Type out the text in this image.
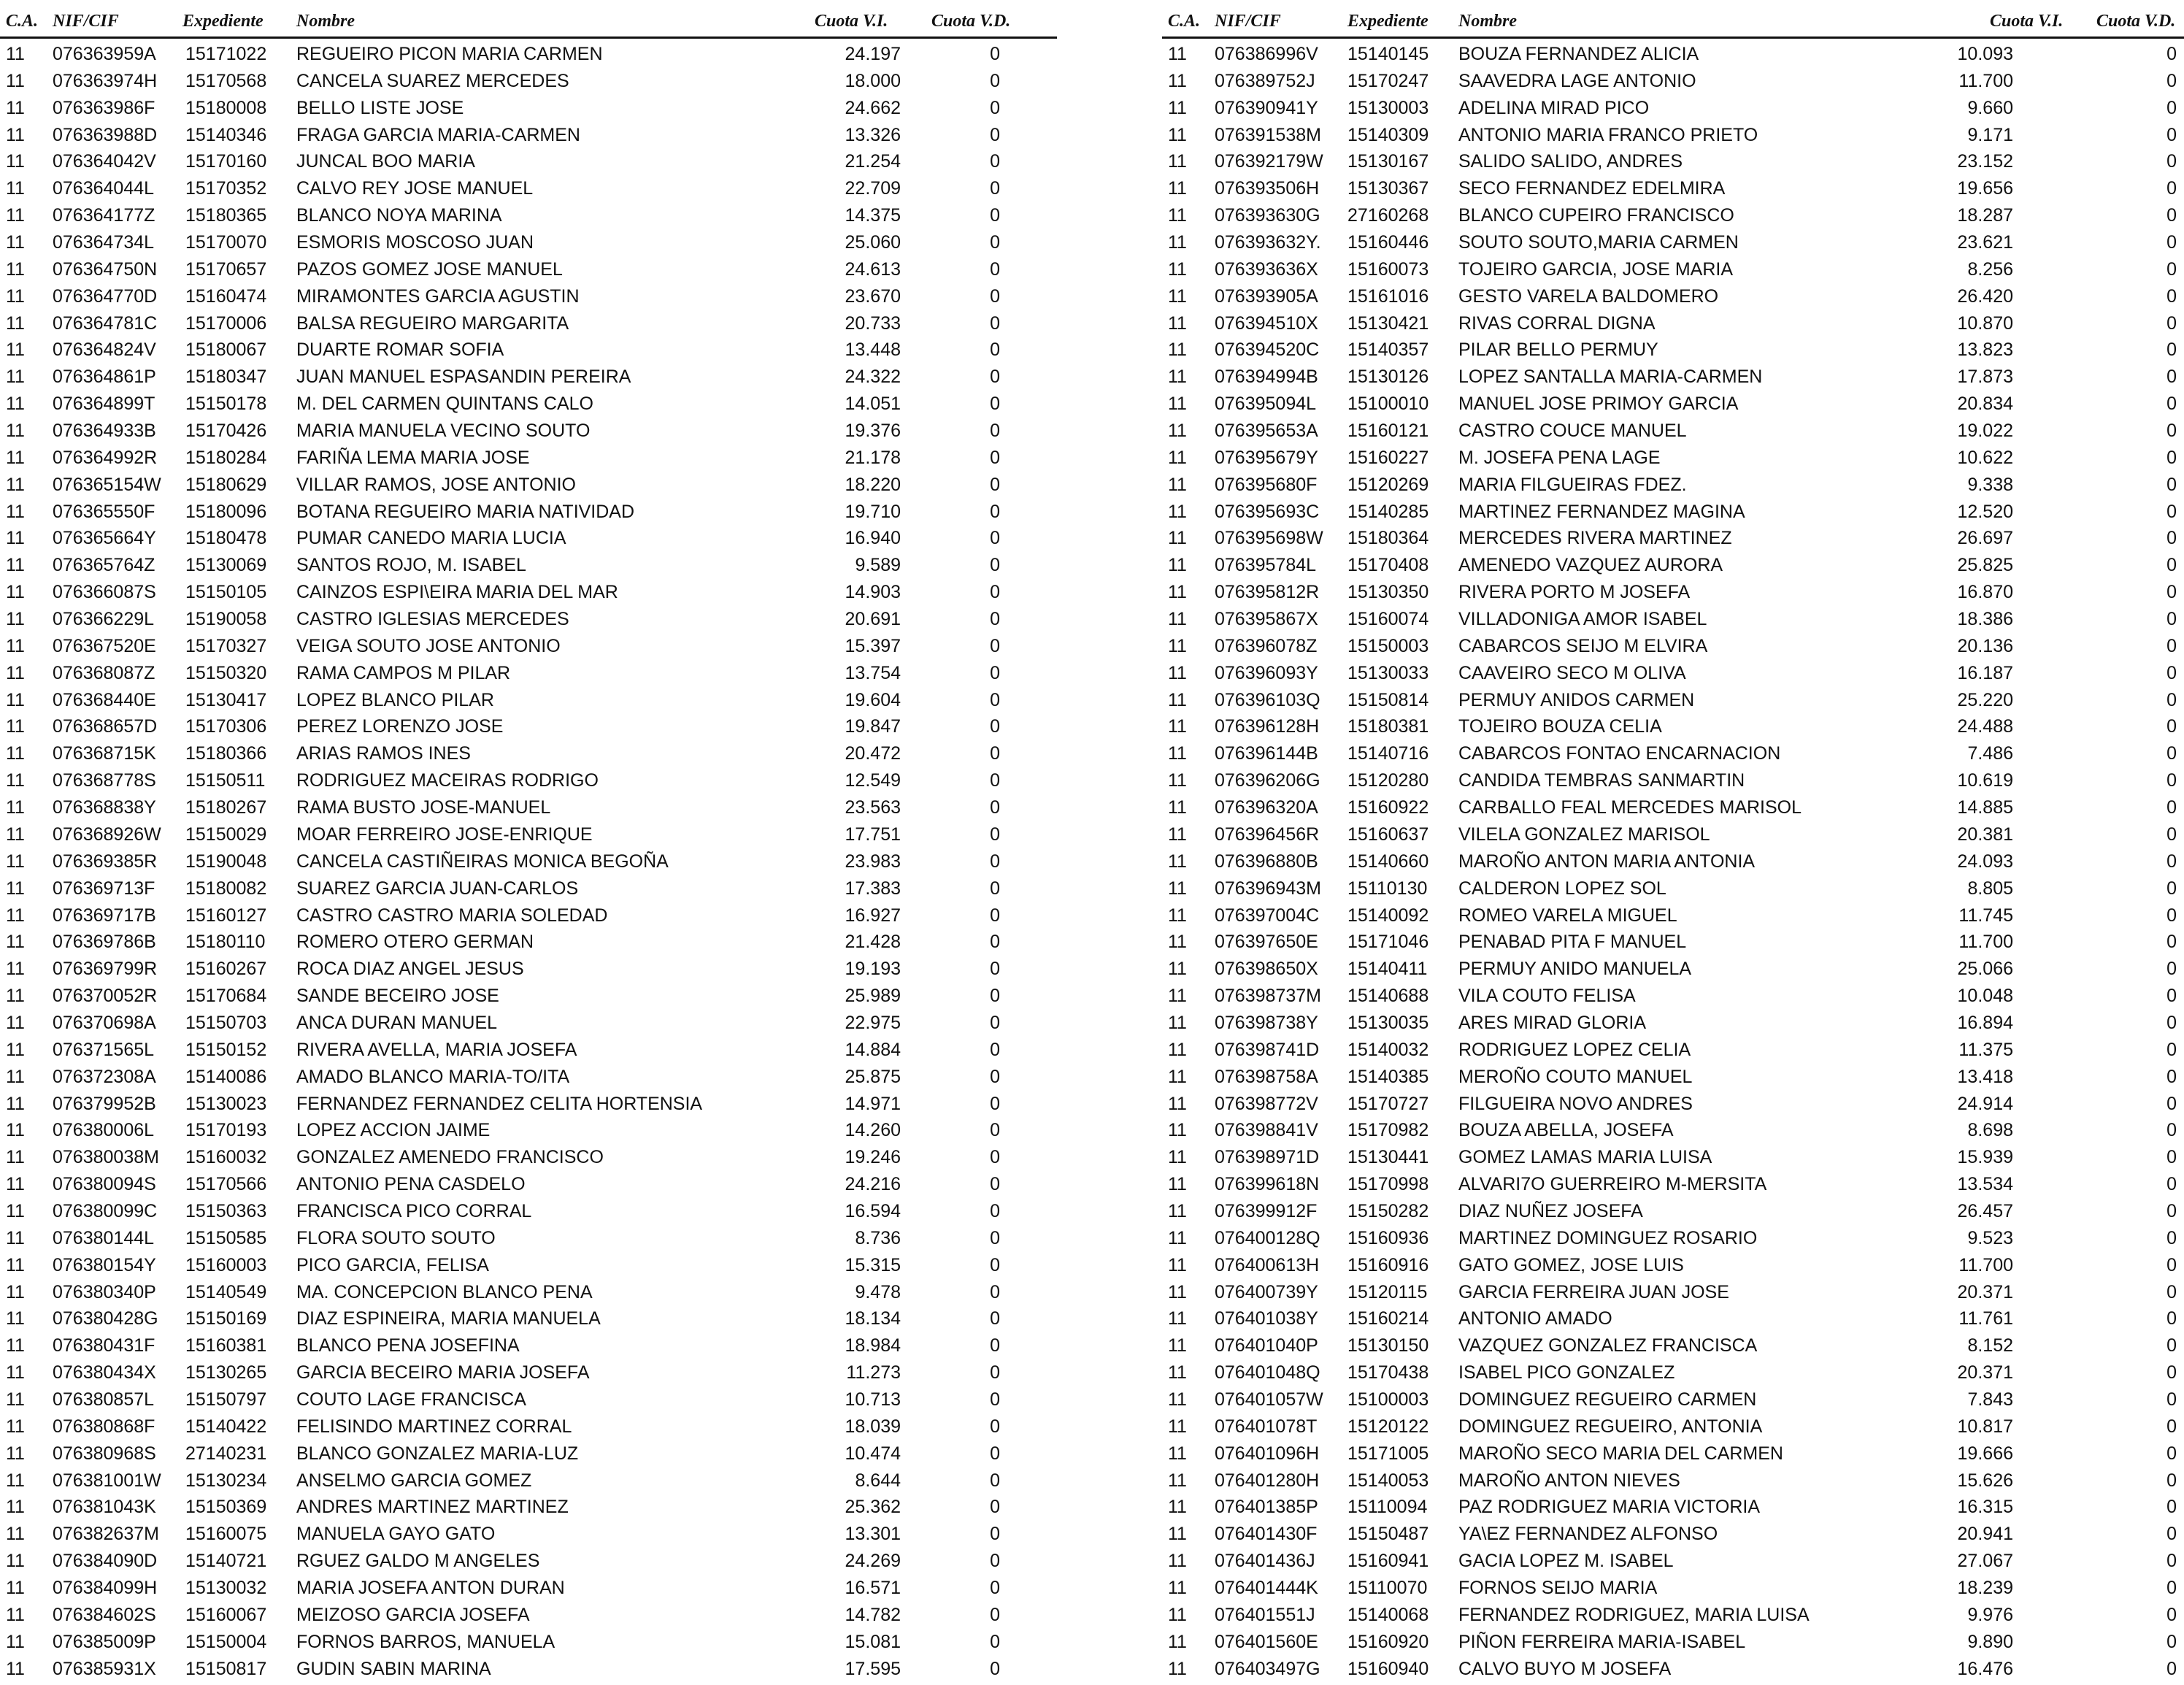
C.A. NIF/CIF	Expediente Nombre	Cuota V.I. Cuota V.D.
11 076363959A 15171022 REGUEIRO PICON MARIA CARMEN	24.197	0
11 076363974H 15170568 CANCELA SUAREZ MERCEDES	18.000	0
11 076363986F 15180008 BELLO LISTE JOSE	24.662	0
11 076363988D 15140346 FRAGA GARCIA MARIA-CARMEN	13.326	0
11 076364042V 15170160 JUNCAL BOO MARIA	21.254	0
11 076364044L 15170352 CALVO REY JOSE MANUEL	22.709	0
11 076364177Z 15180365 BLANCO NOYA MARINA	14.375	0
11 076364734L 15170070 ESMORIS MOSCOSO JUAN	25.060	0
11 076364750N 15170657 PAZOS GOMEZ JOSE MANUEL	24.613	0
11 076364770D 15160474 MIRAMONTES GARCIA AGUSTIN	23.670	0
11 076364781C 15170006 BALSA REGUEIRO MARGARITA	20.733	0
11 076364824V 15180067 DUARTE ROMAR SOFIA	13.448	0
11 076364861P 15180347 JUAN MANUEL ESPASANDIN PEREIRA	24.322	0
11 076364899T 15150178 M. DEL CARMEN QUINTANS CALO	14.051	0
11 076364933B 15170426 MARIA MANUELA VECINO SOUTO	19.376	0
11 076364992R 15180284 FARIÑA LEMA MARIA JOSE	21.178	0
11 076365154W 15180629 VILLAR RAMOS, JOSE ANTONIO	18.220	0
11 076365550F 15180096 BOTANA REGUEIRO MARIA NATIVIDAD	19.710	0
11 076365664Y 15180478 PUMAR CANEDO MARIA LUCIA	16.940	0
11 076365764Z 15130069 SANTOS ROJO, M. ISABEL	9.589	0
11 076366087S 15150105 CAINZOS ESPI\EIRA MARIA DEL MAR	14.903	0
11 076366229L 15190058 CASTRO IGLESIAS MERCEDES	20.691	0
11 076367520E 15170327 VEIGA SOUTO JOSE ANTONIO	15.397	0
11 076368087Z 15150320 RAMA CAMPOS M PILAR	13.754	0
11 076368440E 15130417 LOPEZ BLANCO PILAR	19.604	0
11 076368657D 15170306 PEREZ LORENZO JOSE	19.847	0
11 076368715K 15180366 ARIAS RAMOS INES	20.472	0
11 076368778S 15150511 RODRIGUEZ MACEIRAS RODRIGO	12.549	0
11 076368838Y 15180267 RAMA BUSTO JOSE-MANUEL	23.563	0
11 076368926W 15150029 MOAR FERREIRO JOSE-ENRIQUE	17.751	0
11 076369385R 15190048 CANCELA CASTIÑEIRAS MONICA BEGOÑA	23.983	0
11 076369713F 15180082 SUAREZ GARCIA JUAN-CARLOS	17.383	0
11 076369717B 15160127 CASTRO CASTRO MARIA SOLEDAD	16.927	0
11 076369786B 15180110 ROMERO OTERO GERMAN	21.428	0
11 076369799R 15160267 ROCA DIAZ ANGEL JESUS	19.193	0
11 076370052R 15170684 SANDE BECEIRO JOSE	25.989	0
11 076370698A 15150703 ANCA DURAN MANUEL	22.975	0
11 076371565L 15150152 RIVERA AVELLA, MARIA JOSEFA	14.884	0
11 076372308A 15140086 AMADO BLANCO MARIA-TO/ITA	25.875	0
11 076379952B 15130023 FERNANDEZ FERNANDEZ CELITA HORTENSIA	14.971	0
11 076380006L 15170193 LOPEZ ACCION JAIME	14.260	0
11 076380038M 15160032 GONZALEZ AMENEDO FRANCISCO	19.246	0
11 076380094S 15170566 ANTONIO PENA CASDELO	24.216	0
11 076380099C 15150363 FRANCISCA PICO CORRAL	16.594	0
11 076380144L 15150585 FLORA SOUTO SOUTO	8.736	0
11 076380154Y 15160003 PICO GARCIA, FELISA	15.315	0
11 076380340P 15140549 MA. CONCEPCION BLANCO PENA	9.478	0
11 076380428G 15150169 DIAZ ESPINEIRA, MARIA MANUELA	18.134	0
11 076380431F 15160381 BLANCO PENA JOSEFINA	18.984	0
11 076380434X 15130265 GARCIA BECEIRO MARIA JOSEFA	11.273	0
11 076380857L 15150797 COUTO LAGE FRANCISCA	10.713	0
11 076380868F 15140422 FELISINDO MARTINEZ CORRAL	18.039	0
11 076380968S 27140231 BLANCO GONZALEZ MARIA-LUZ	10.474	0
11 076381001W 15130234 ANSELMO GARCIA GOMEZ	8.644	0
11 076381043K 15150369 ANDRES MARTINEZ MARTINEZ	25.362	0
11 076382637M 15160075 MANUELA GAYO GATO	13.301	0
11 076384090D 15140721 RGUEZ GALDO M ANGELES	24.269	0
11 076384099H 15130032 MARIA JOSEFA ANTON DURAN	16.571	0
11 076384602S 15160067 MEIZOSO GARCIA JOSEFA	14.782	0
11 076385009P 15150004 FORNOS BARROS, MANUELA	15.081	0
11 076385931X 15150817 GUDIN SABIN MARINA	17.595	0
C.A. NIF/CIF	Expediente Nombre	Cuota V.I. Cuota V.D.
11 076386996V 15140145 BOUZA FERNANDEZ ALICIA	10.093	0
11 076389752J 15170247 SAAVEDRA LAGE ANTONIO	11.700	0
11 076390941Y 15130003 ADELINA MIRAD PICO	9.660	0
11 076391538M 15140309 ANTONIO MARIA FRANCO PRIETO	9.171	0
11 076392179W 15130167 SALIDO SALIDO, ANDRES	23.152	0
11 076393506H 15130367 SECO FERNANDEZ EDELMIRA	19.656	0
11 076393630G 27160268 BLANCO CUPEIRO FRANCISCO	18.287	0
11 076393632Y. 15160446 SOUTO SOUTO,MARIA CARMEN	23.621	0
11 076393636X 15160073 TOJEIRO GARCIA, JOSE MARIA	8.256	0
11 076393905A 15161016 GESTO VARELA BALDOMERO	26.420	0
11 076394510X 15130421 RIVAS CORRAL DIGNA	10.870	0
11 076394520C 15140357 PILAR BELLO PERMUY	13.823	0
11 076394994B 15130126 LOPEZ SANTALLA MARIA-CARMEN	17.873	0
11 076395094L 15100010 MANUEL JOSE PRIMOY GARCIA	20.834	0
11 076395653A 15160121 CASTRO COUCE MANUEL	19.022	0
11 076395679Y 15160227 M. JOSEFA PENA LAGE	10.622	0
11 076395680F 15120269 MARIA FILGUEIRAS FDEZ.	9.338	0
11 076395693C 15140285 MARTINEZ FERNANDEZ MAGINA	12.520	0
11 076395698W 15180364 MERCEDES RIVERA MARTINEZ	26.697	0
11 076395784L 15170408 AMENEDO VAZQUEZ AURORA	25.825	0
11 076395812R 15130350 RIVERA PORTO M JOSEFA	16.870	0
11 076395867X 15160074 VILLADONIGA AMOR ISABEL	18.386	0
11 076396078Z 15150003 CABARCOS SEIJO M ELVIRA	20.136	0
11 076396093Y 15130033 CAAVEIRO SECO M OLIVA	16.187	0
11 076396103Q 15150814 PERMUY ANIDOS CARMEN	25.220	0
11 076396128H 15180381 TOJEIRO BOUZA CELIA	24.488	0
11 076396144B 15140716 CABARCOS FONTAO ENCARNACION	7.486	0
11 076396206G 15120280 CANDIDA TEMBRAS SANMARTIN	10.619	0
11 076396320A 15160922 CARBALLO FEAL MERCEDES MARISOL	14.885	0
11 076396456R 15160637 VILELA GONZALEZ MARISOL	20.381	0
11 076396880B 15140660 MAROÑO ANTON MARIA ANTONIA	24.093	0
11 076396943M 15110130 CALDERON LOPEZ SOL	8.805	0
11 076397004C 15140092 ROMEO VARELA MIGUEL	11.745	0
11 076397650E 15171046 PENABAD PITA F MANUEL	11.700	0
11 076398650X 15140411 PERMUY ANIDO MANUELA	25.066	0
11 076398737M 15140688 VILA COUTO FELISA	10.048	0
11 076398738Y 15130035 ARES MIRAD GLORIA	16.894	0
11 076398741D 15140032 RODRIGUEZ LOPEZ CELIA	11.375	0
11 076398758A 15140385 MEROÑO COUTO MANUEL	13.418	0
11 076398772V 15170727 FILGUEIRA NOVO ANDRES	24.914	0
11 076398841V 15170982 BOUZA ABELLA, JOSEFA	8.698	0
11 076398971D 15130441 GOMEZ LAMAS MARIA LUISA	15.939	0
11 076399618N 15170998 ALVARI7O GUERREIRO M-MERSITA	13.534	0
11 076399912F 15150282 DIAZ NUÑEZ JOSEFA	26.457	0
11 076400128Q 15160936 MARTINEZ DOMINGUEZ ROSARIO	9.523	0
11 076400613H 15160916 GATO GOMEZ, JOSE LUIS	11.700	0
11 076400739Y 15120115 GARCIA FERREIRA JUAN JOSE	20.371	0
11 076401038Y 15160214 ANTONIO AMADO	11.761	0
11 076401040P 15130150 VAZQUEZ GONZALEZ FRANCISCA	8.152	0
11 076401048Q 15170438 ISABEL PICO GONZALEZ	20.371	0
11 076401057W 15100003 DOMINGUEZ REGUEIRO CARMEN	7.843	0
11 076401078T 15120122 DOMINGUEZ REGUEIRO, ANTONIA	10.817	0
11 076401096H 15171005 MAROÑO SECO MARIA DEL CARMEN	19.666	0
11 076401280H 15140053 MAROÑO ANTON NIEVES	15.626	0
11 076401385P 15110094 PAZ RODRIGUEZ MARIA VICTORIA	16.315	0
11 076401430F 15150487 YA\EZ FERNANDEZ ALFONSO	20.941	0
11 076401436J 15160941 GACIA LOPEZ M. ISABEL	27.067	0
11 076401444K 15110070 FORNOS SEIJO MARIA	18.239	0
11 076401551J 15140068 FERNANDEZ RODRIGUEZ, MARIA LUISA	9.976	0
11 076401560E 15160920 PIÑON FERREIRA MARIA-ISABEL	9.890	0
11 076403497G 15160940 CALVO BUYO M JOSEFA	16.476	0
